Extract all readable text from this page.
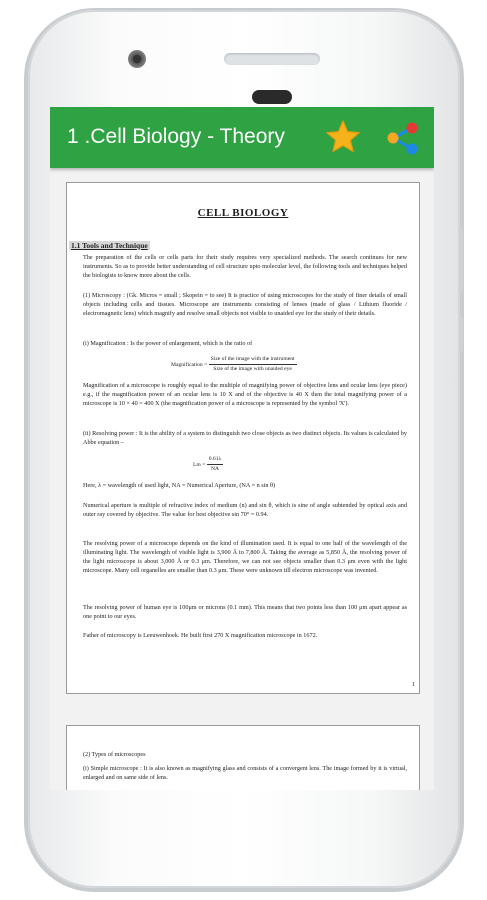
1 .Cell Biology - Theory
CELL BIOLOGY
1.1 Tools and Technique
The preparation of the cells or cells parts for their study requires very specialized methods. The search continues for new instruments. So as to provide better understanding of cell structure upto molecular level, the following tools and techniques helped the biologists to know more about the cells.
(1) Microscopy : (Gk. Micros = small ; Skopein = to see) It is practice of using microscopes for the study of finer details of small objects including cells and tissues. Microscope are instruments consisting of lenses (made of glass / Lithium fluoride / electromagnetic lens) which magnify and resolve small objects not visible to unaided eye for the study of their details.
(i) Magnification : Is the power of enlargement, which is the ratio of
Magnification = $\frac{\text{Size of the image with the instrument}}{\text{Size of the image with unaided eye}}$
Magnification of a microscope is roughly equal to the multiple of magnifying power of objective lens and ocular lens (eye piece) e.g., if the magnification power of an ocular lens is 10 X and of the objective is 40 X then the total magnifying power of a microscope is 10 × 40 = 400 X (the magnification power of a microscope is represented by the symbol 'X').
(ii) Resolving power : It is the ability of a system to distinguish two close objects as two distinct objects. Its values is calculated by Abbe equation –
$Lm = \frac{0.61\lambda}{NA}$
Here, λ = wavelength of used light, NA = Numerical Aperture, (NA = n sin θ)
Numerical aperture is multiple of refractive index of medium (n) and sin θ, which is sine of angle subtended by optical axis and outer ray covered by objective. The value for best objective sin 70° = 0.94.
The resolving power of a microscope depends on the kind of illumination used. It is equal to one half of the wavelength of the illuminating light. The wavelength of visible light is 3,900 Å to 7,800 Å. Taking the average as 5,850 Å, the resolving power of the light microscope is about 3,000 Å or 0.3 μm. Therefore, we can not see objects smaller than 0.3 μm even with the light microscope. Many cell organelles are smaller than 0.3 μm. These were unknown till electron microscope was invented.
The resolving power of human eye is 100μm or microns (0.1 mm). This means that two points less than 100 μm apart appear as one point to our eyes.
Father of microscopy is Leeuwenhoek. He built first 270 X magnification microscope in 1672.
1
(2) Types of microscopes
(i) Simple microscope : It is also known as magnifying glass and consists of a convergent lens. The image formed by it is virtual, enlarged and on same side of lens.
